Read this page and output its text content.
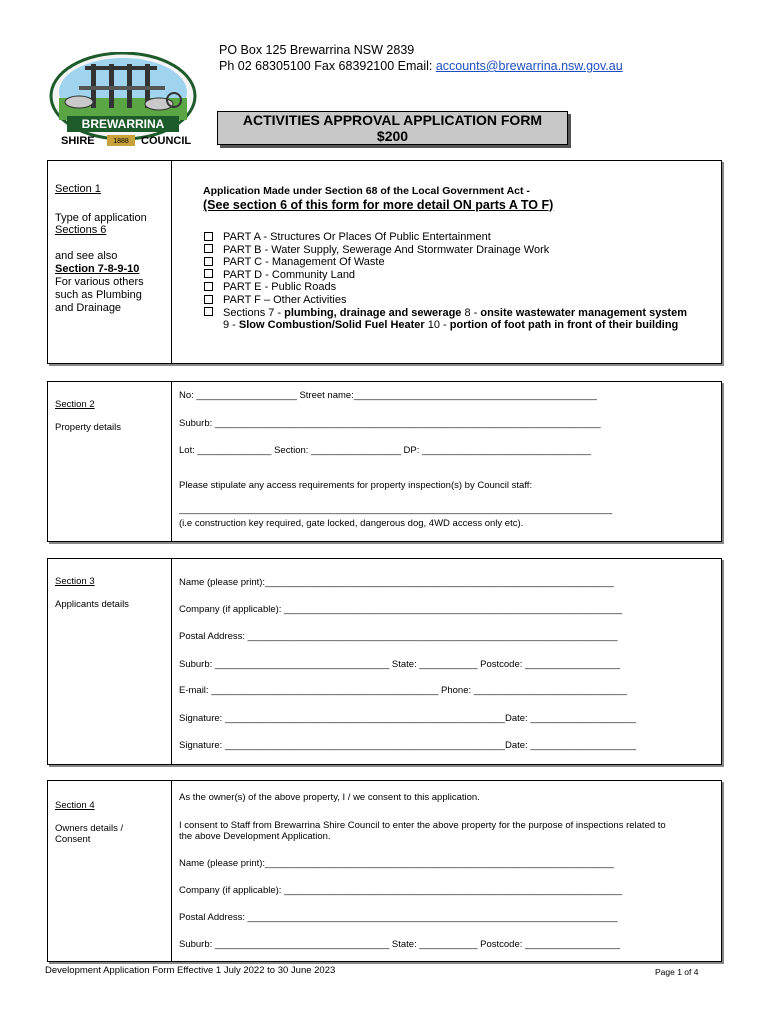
PO Box 125 Brewarrina NSW 2839
Ph 02 68305100 Fax 68392100 Email: accounts@brewarrina.nsw.gov.au
BREWARRINA
SHIRE	1888 COUNCIL
ACTIVITIES APPROVAL APPLICATION FORM
$200
Section 1
Type of application
Sections 6
and see also
Section 7-8-9-10
For various others
such as Plumbing
and Drainage
Application Made under Section 68 of the Local Government Act -
(See section 6 of this form for more detail ON parts A TO F)
PART A - Structures Or Places Of Public Entertainment
PART B - Water Supply, Sewerage And Stormwater Drainage Work
PART C - Management Of Waste
PART D - Community Land
PART E - Public Roads
PART F – Other Activities
Sections 7 - plumbing, drainage and sewerage 8 - onsite wastewater management system
9 - Slow Combustion/Solid Fuel Heater 10 - portion of foot path in front of their building
Section 2
Property details
No: ___________________ Street name:______________________________________________
Suburb: _________________________________________________________________________
Lot: ______________ Section: _________________ DP: ________________________________
Please stipulate any access requirements for property inspection(s) by Council staff:
__________________________________________________________________________________
(i.e construction key required, gate locked, dangerous dog, 4WD access only etc).
Section 3
Applicants details
Name (please print):__________________________________________________________________
Company (if applicable): ________________________________________________________________
Postal Address: ______________________________________________________________________
Suburb: _________________________________ State: ___________ Postcode: __________________
E-mail: ___________________________________________ Phone: _____________________________
Signature: _____________________________________________________Date: ____________________
Signature: _____________________________________________________Date: ____________________
Section 4
Owners details /
Consent
As the owner(s) of the above property, I / we consent to this application.
I consent to Staff from Brewarrina Shire Council to enter the above property for the purpose of inspections related to
the above Development Application.
Name (please print):__________________________________________________________________
Company (if applicable): ________________________________________________________________
Postal Address: ______________________________________________________________________
Suburb: _________________________________ State: ___________ Postcode: __________________
Development Application Form Effective 1 July 2022 to 30 June 2023	Page 1 of 4
